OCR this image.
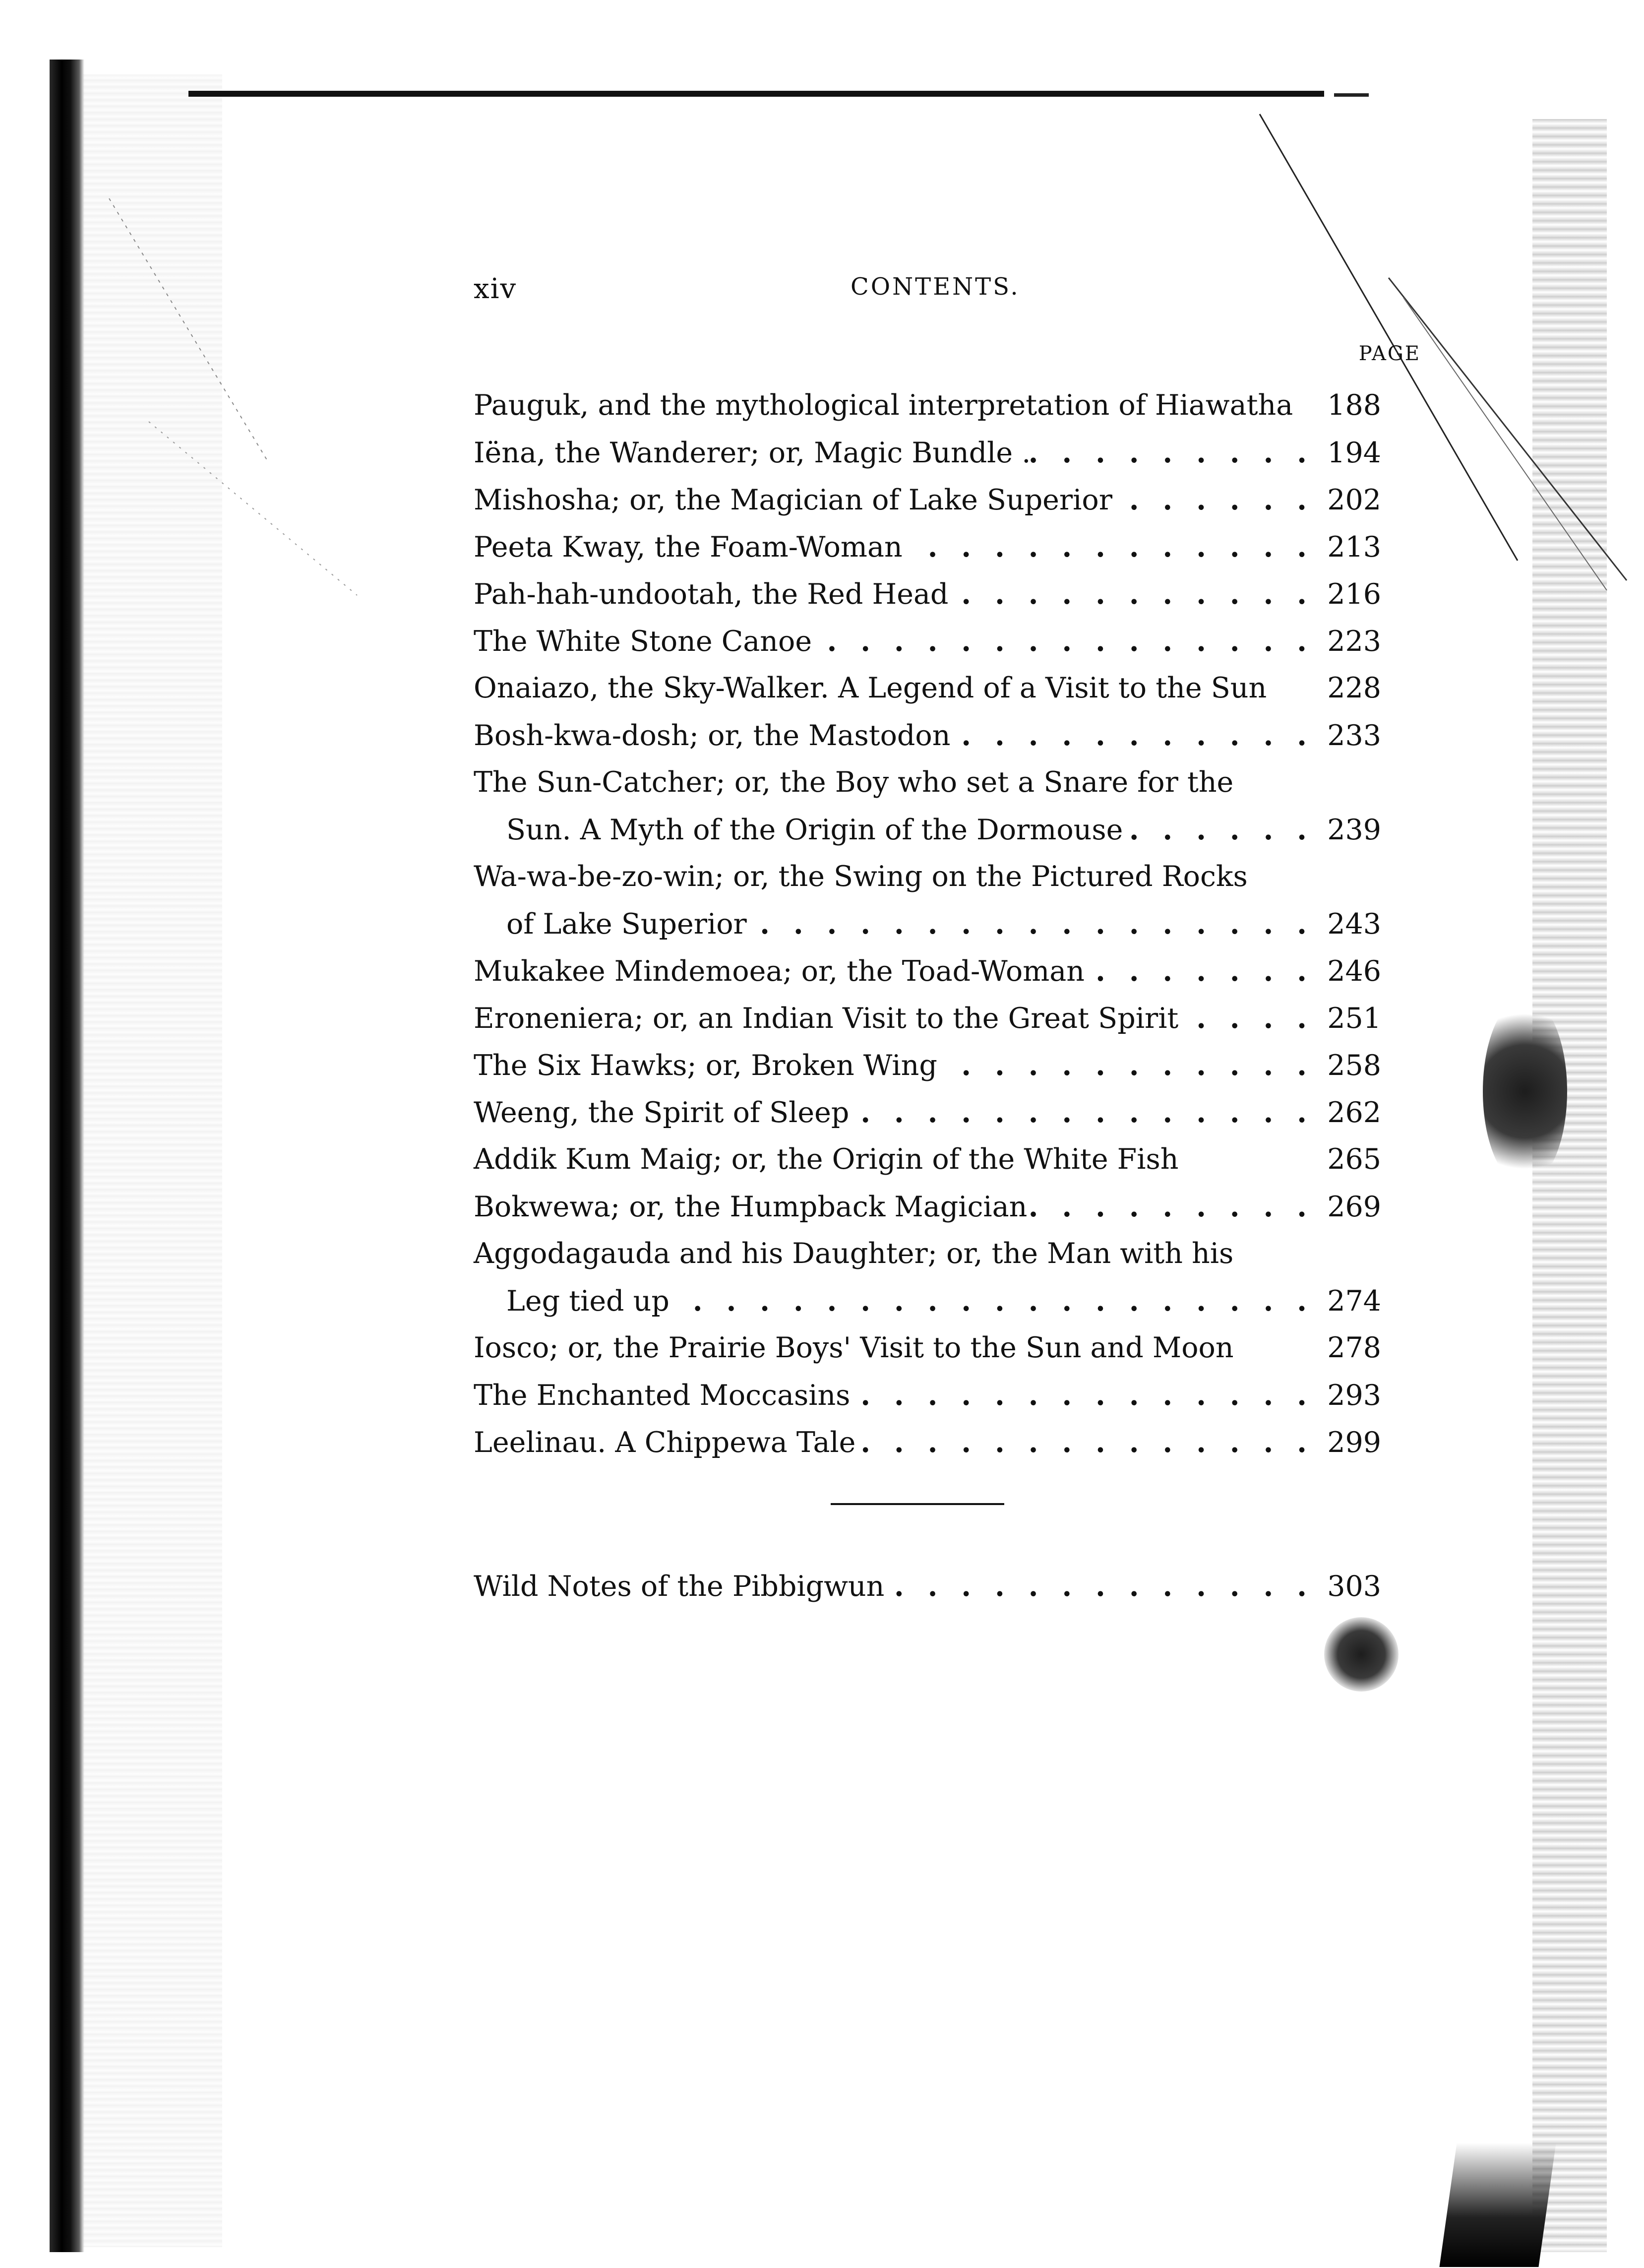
xiv	CONTENTS.
PAGE
Pauguk, and the mythological interpretation of Hiawatha	188
Iëna, the Wanderer; or, Magic Bundle . . .	194
Mishosha; or, the Magician of Lake Superior . .	202
Peeta Kway, the Foam-Woman . .	213
Pah-hah-undootah, the Red Head . .	216
The White Stone Canoe . .	223
Onaiazo, the Sky-Walker. A Legend of a Visit to the Sun	228
Bosh-kwa-dosh; or, the Mastodon . .	233
The Sun-Catcher; or, the Boy who set a Snare for the
Sun. A Myth of the Origin of the Dormouse . .	239
Wa-wa-be-zo-win; or, the Swing on the Pictured Rocks
of Lake Superior . .	243
Mukakee Mindemoea; or, the Toad-Woman . .	246
Eroneniera; or, an Indian Visit to the Great Spirit . .	251
The Six Hawks; or, Broken Wing . .	258
Weeng, the Spirit of Sleep . .	262
Addik Kum Maig; or, the Origin of the White Fish	265
Bokwewa; or, the Humpback Magician . .	269
Aggodagauda and his Daughter; or, the Man with his
Leg tied up . .	274
Iosco; or, the Prairie Boys' Visit to the Sun and Moon	278
The Enchanted Moccasins . .	293
Leelinau. A Chippewa Tale . .	299
Wild Notes of the Pibbigwun . .	303
